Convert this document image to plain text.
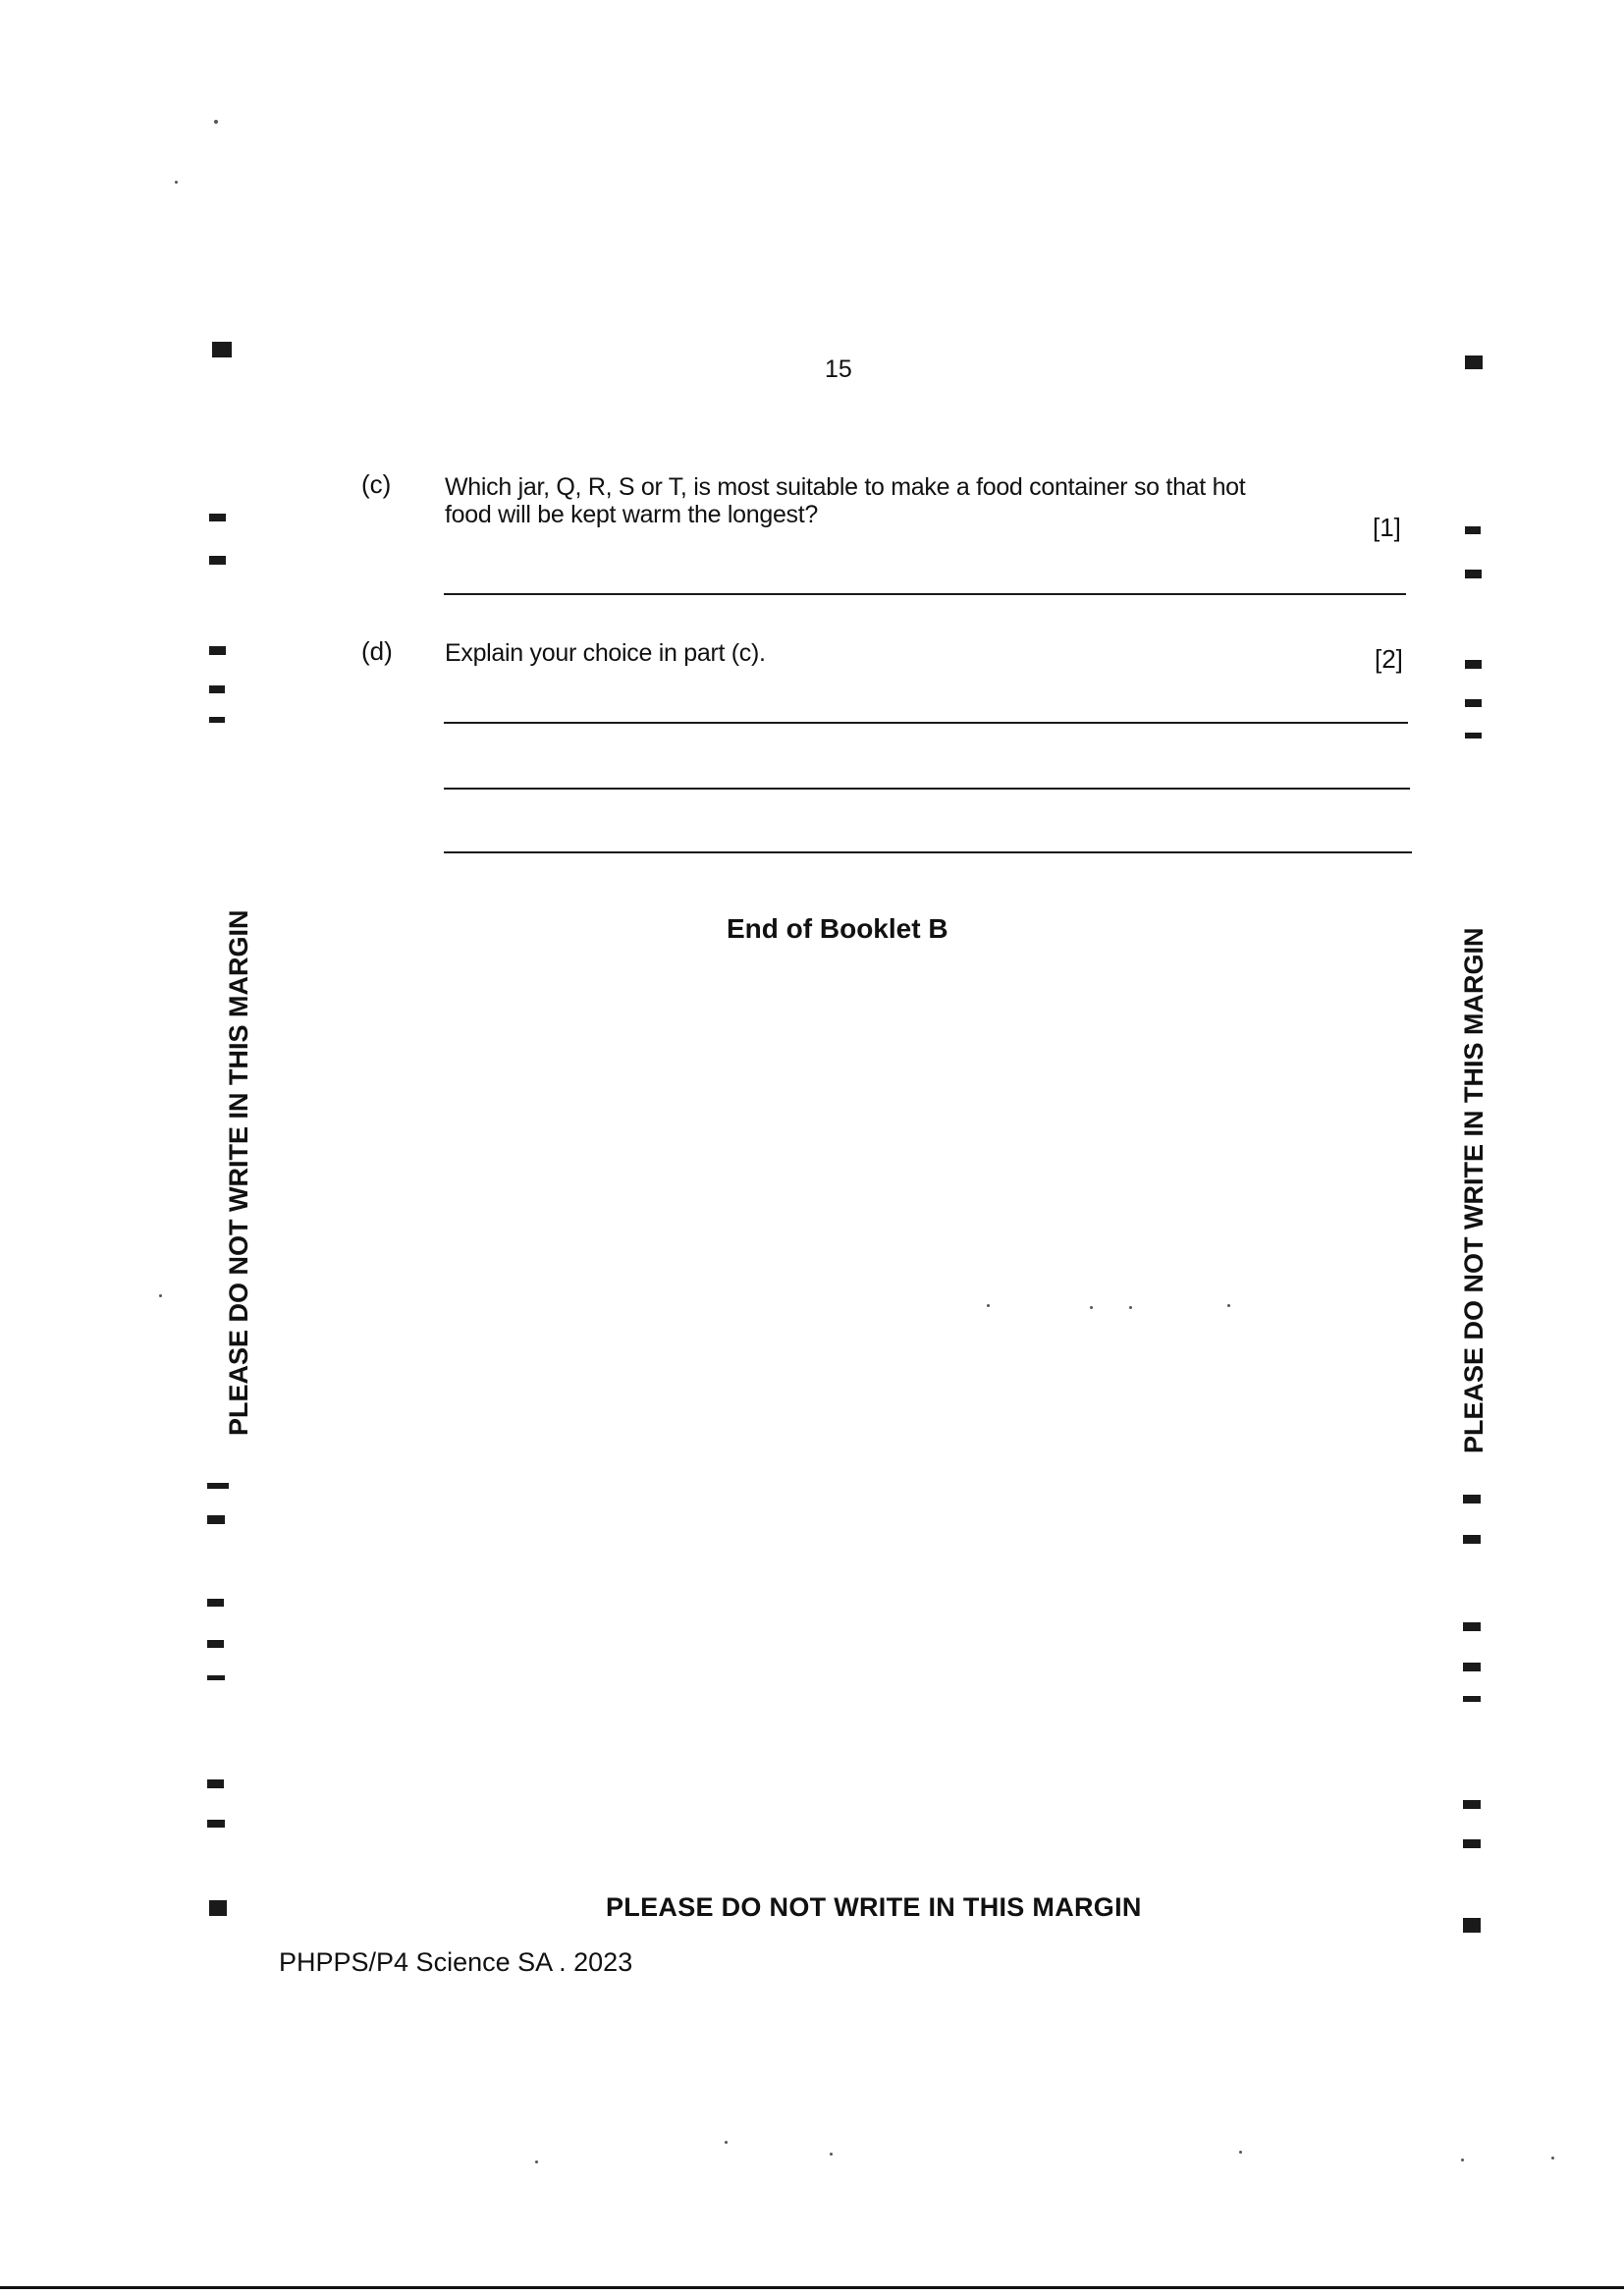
15
(c) Which jar, Q, R, S or T, is most suitable to make a food container so that hot
food will be kept warm the longest?	[1]
(d) Explain your choice in part (c).	[2]
End of Booklet B
PLEASE DO NOT WRITE IN THIS MARGIN	PLEASE DO NOT WRITE IN THIS MARGIN
PLEASE DO NOT WRITE IN THIS MARGIN
PHPPS/P4 Science SA . 2023
